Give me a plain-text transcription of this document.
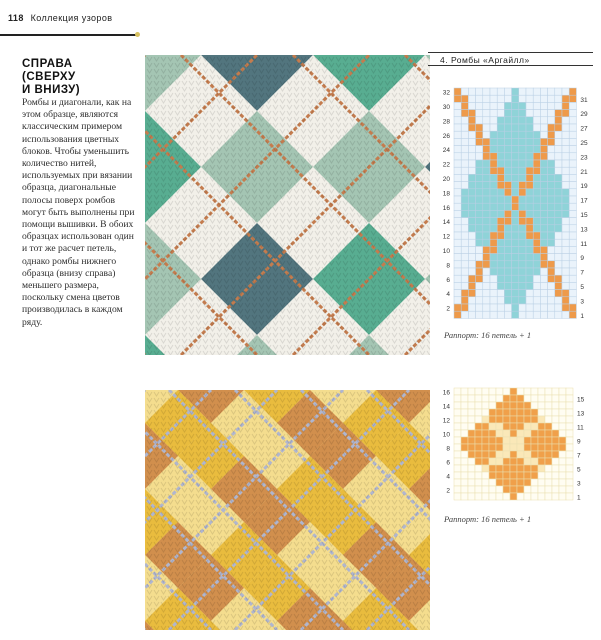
118 Коллекция узоров
СПРАВА
(СВЕРХУ
И ВНИЗУ)
Ромбы и диагонали, как на этом образце, являются классическим примером использования цветных блоков. Чтобы уменьшить количество нитей, используемых при вязании образца, диагональные полосы поверх ромбов могут быть выполнены при помощи вышивки. В обоих образцах использован один и тот же расчет петель, однако ромбы нижнего образца (внизу справа) меньшего размера, поскольку смена цветов производилась в каждом ряду.
4. Ромбы «Аргайлл»
32
30
28
26
24
22
20
18
16
14
12
10
8
6
4
2
31
29
27
25
23
21
19
17
15
13
11
9
7
5
3
1
Раппорт: 16 петель + 1
16
14
12
10
8
6
4
2
15
13
11
9
7
5
3
1
Раппорт: 16 петель + 1
